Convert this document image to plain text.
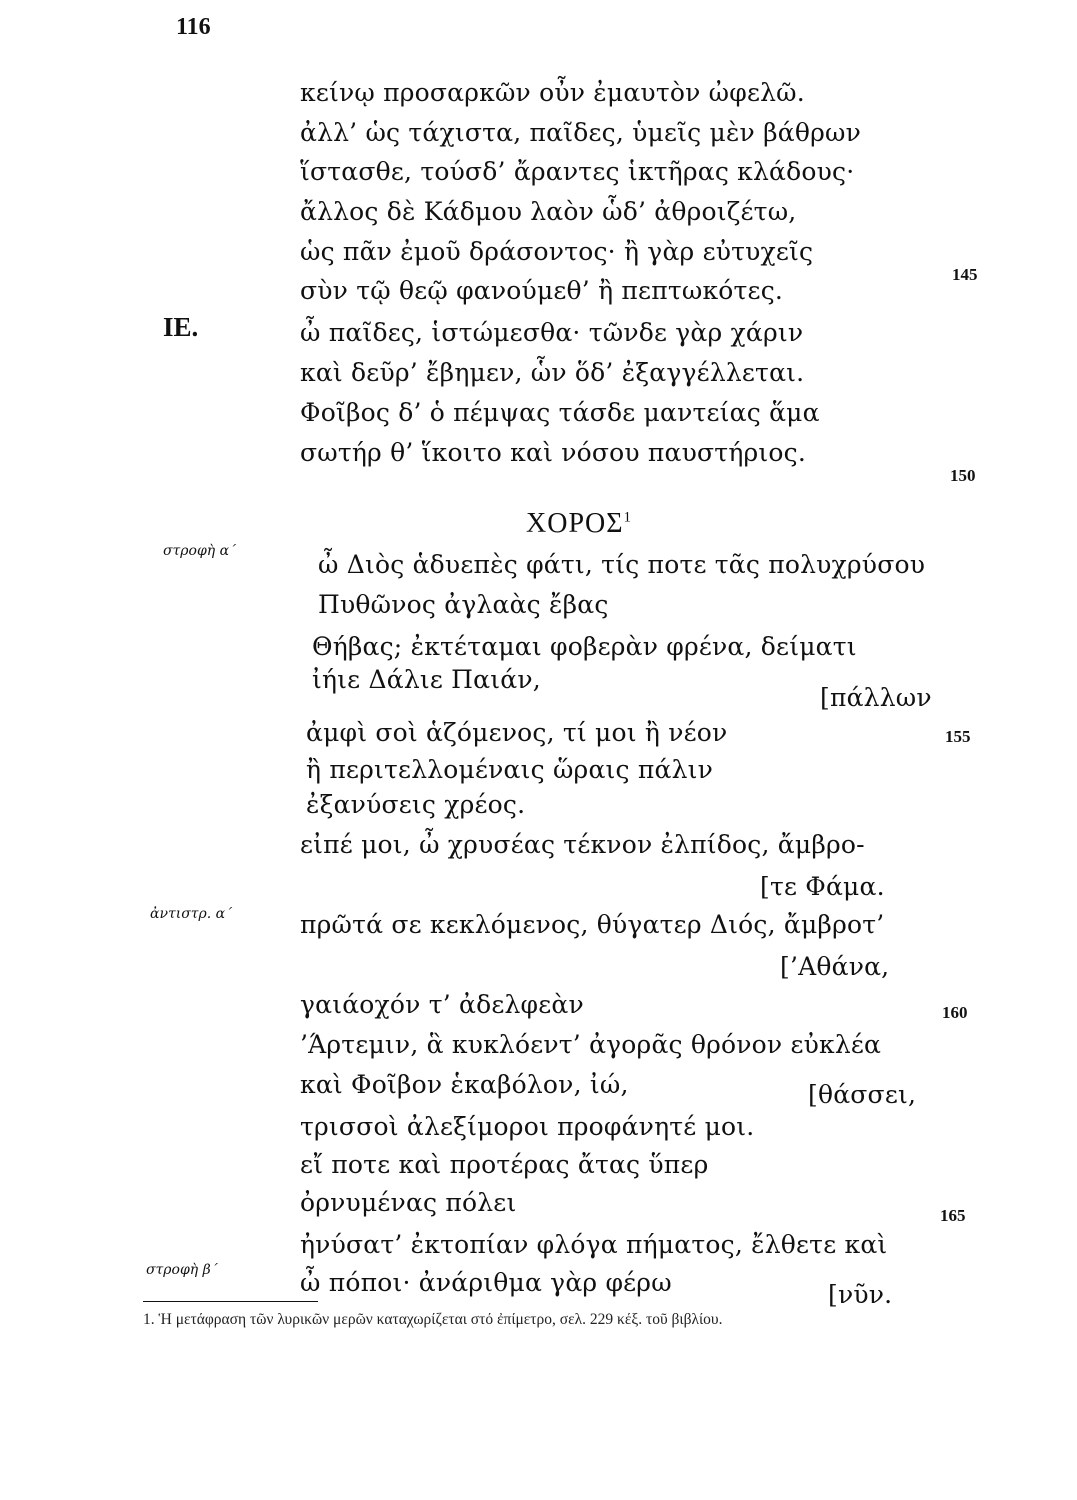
116
ΙΕ.
κείνῳ προσαρκῶν οὖν ἐμαυτὸν ὠφελῶ.
ἀλλ’ ὡς τάχιστα, παῖδες, ὑμεῖς μὲν βάθρων
ἵστασθε, τούσδ’ ἄραντες ἱκτῆρας κλάδους·
ἄλλος δὲ Κάδμου λαὸν ὧδ’ ἀθροιζέτω,
ὡς πᾶν ἐμοῦ δράσοντος· ἢ γὰρ εὐτυχεῖς
σὺν τῷ θεῷ φανούμεθ’ ἢ πεπτωκότες.
ὦ παῖδες, ἱστώμεσθα· τῶνδε γὰρ χάριν
καὶ δεῦρ’ ἔβημεν, ὧν ὅδ’ ἐξαγγέλλεται.
Φοῖβος δ’ ὁ πέμψας τάσδε μαντείας ἅμα
σωτήρ θ’ ἵκοιτο καὶ νόσου παυστήριος.
145
150
ΧΟΡΟΣ$^1$
στροφὴ α΄
ἀντιστρ. α΄
στροφὴ β΄
ὦ Διὸς ἁδυεπὲς φάτι, τίς ποτε τᾶς πολυχρύσου
Πυθῶνος ἀγλαὰς ἔβας
Θήβας; ἐκτέταμαι φοβερὰν φρένα, δείματι
ἰήιε Δάλιε Παιάν,
[πάλλων
ἀμφὶ σοὶ ἁζόμενος, τί μοι ἢ νέον
ἢ περιτελλομέναις ὥραις πάλιν
ἐξανύσεις χρέος.
εἰπέ μοι, ὦ χρυσέας τέκνον ἐλπίδος, ἄμβρο-
[τε Φάμα.
πρῶτά σε κεκλόμενος, θύγατερ Διός, ἄμβροτ’
[’Αθάνα,
γαιάοχόν τ’ ἀδελφεὰν
’Άρτεμιν, ἃ κυκλόεντ’ ἀγορᾶς θρόνον εὐκλέα
καὶ Φοῖβον ἑκαβόλον, ἰώ,	[θάσσει,
τρισσοὶ ἀλεξίμοροι προφάνητέ μοι.
εἴ ποτε καὶ προτέρας ἄτας ὕπερ
ὀρνυμένας πόλει
ἠνύσατ’ ἐκτοπίαν φλόγα πήματος, ἔλθετε καὶ
ὦ πόποι· ἀνάριθμα γὰρ φέρω	[νῦν.
155
160
165
1. Ἡ μετάφραση τῶν λυρικῶν μερῶν καταχωρίζεται στό ἐπίμετρο, σελ. 229 κέξ. τοῦ βιβλίου.
